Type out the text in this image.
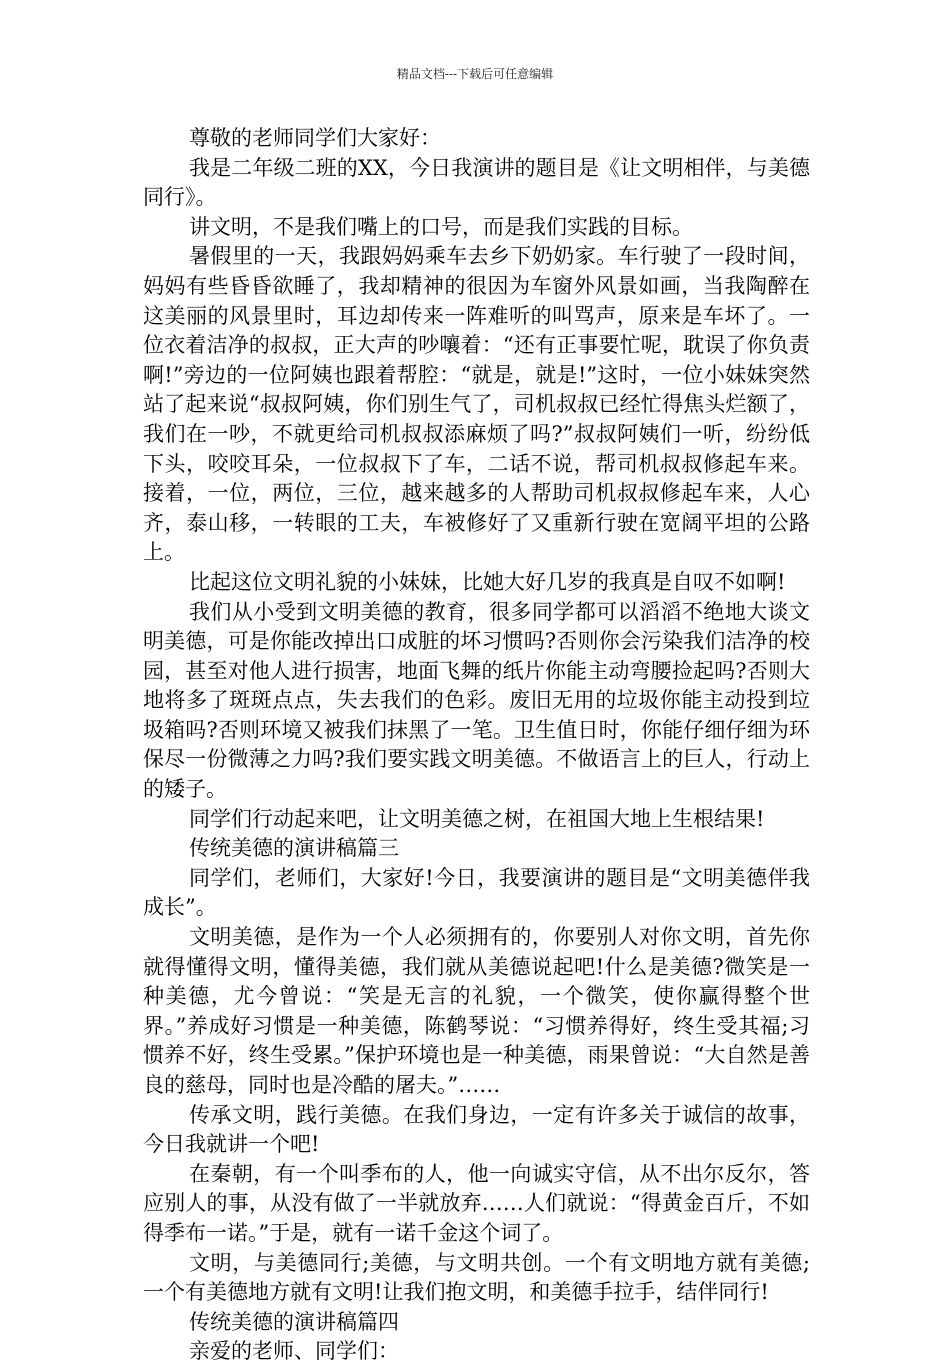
精品文档---下载后可任意编辑

尊敬的老师同学们大家好：

我是二年级二班的XX，今日我演讲的题目是《让文明相伴，与美德同行》。

讲文明，不是我们嘴上的口号，而是我们实践的目标。

暑假里的一天，我跟妈妈乘车去乡下奶奶家。车行驶了一段时间，妈妈有些昏昏欲睡了，我却精神的很因为车窗外风景如画，当我陶醉在这美丽的风景里时，耳边却传来一阵难听的叫骂声，原来是车坏了。一位衣着洁净的叔叔，正大声的吵嚷着：“还有正事要忙呢，耽误了你负责啊!”旁边的一位阿姨也跟着帮腔：“就是，就是!”这时，一位小妹妹突然站了起来说“叔叔阿姨，你们别生气了，司机叔叔已经忙得焦头烂额了，我们在一吵，不就更给司机叔叔添麻烦了吗?”叔叔阿姨们一听，纷纷低下头，咬咬耳朵，一位叔叔下了车，二话不说，帮司机叔叔修起车来。接着，一位，两位，三位，越来越多的人帮助司机叔叔修起车来，人心齐，泰山移，一转眼的工夫，车被修好了又重新行驶在宽阔平坦的公路上。

比起这位文明礼貌的小妹妹，比她大好几岁的我真是自叹不如啊!

我们从小受到文明美德的教育，很多同学都可以滔滔不绝地大谈文明美德，可是你能改掉出口成脏的坏习惯吗?否则你会污染我们洁净的校园，甚至对他人进行损害，地面飞舞的纸片你能主动弯腰捡起吗?否则大地将多了斑斑点点，失去我们的色彩。废旧无用的垃圾你能主动投到垃圾箱吗?否则环境又被我们抹黑了一笔。卫生值日时，你能仔细仔细为环保尽一份微薄之力吗?我们要实践文明美德。不做语言上的巨人，行动上的矮子。

同学们行动起来吧，让文明美德之树，在祖国大地上生根结果!

传统美德的演讲稿篇三

同学们，老师们，大家好!今日，我要演讲的题目是“文明美德伴我成长”。

文明美德，是作为一个人必须拥有的，你要别人对你文明，首先你就得懂得文明，懂得美德，我们就从美德说起吧!什么是美德?微笑是一种美德，尤今曾说：“笑是无言的礼貌，一个微笑，使你赢得整个世界。”养成好习惯是一种美德，陈鹤琴说：“习惯养得好，终生受其福;习惯养不好，终生受累。”保护环境也是一种美德，雨果曾说：“大自然是善良的慈母，同时也是冷酷的屠夫。”……

传承文明，践行美德。在我们身边，一定有许多关于诚信的故事，今日我就讲一个吧!

在秦朝，有一个叫季布的人，他一向诚实守信，从不出尔反尔，答应别人的事，从没有做了一半就放弃……人们就说：“得黄金百斤，不如得季布一诺。”于是，就有一诺千金这个词了。

文明，与美德同行;美德，与文明共创。一个有文明地方就有美德;一个有美德地方就有文明!让我们抱文明，和美德手拉手，结伴同行!

传统美德的演讲稿篇四

亲爱的老师、同学们：
